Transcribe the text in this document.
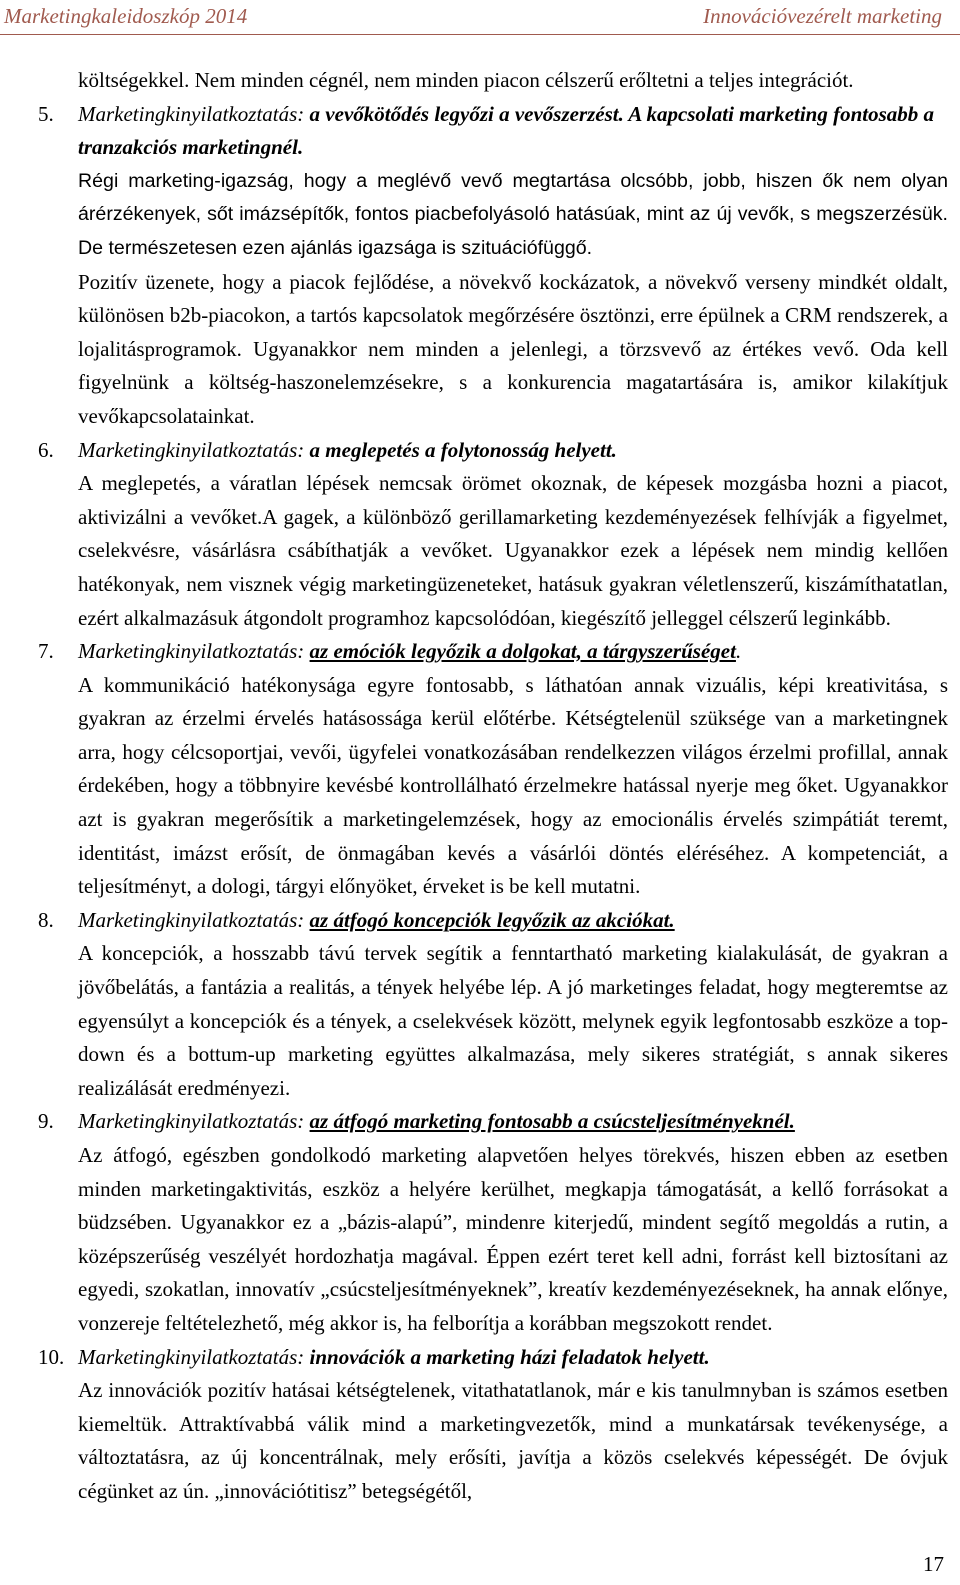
Marketingkaleidoszkóp 2014	Innovációvezérelt marketing
költségekkel. Nem minden cégnél, nem minden piacon célszerű erőltetni a teljes integrációt.
5.	Marketingkinyilatkoztatás: a vevőkötődés legyőzi a vevőszerzést. A kapcsolati marketing fontosabb a tranzakciós marketingnél.
Régi marketing-igazság, hogy a meglévő vevő megtartása olcsóbb, jobb, hiszen ők nem olyan árérzékenyek, sőt imázsépítők, fontos piacbefolyásoló hatásúak, mint az új vevők, s megszerzésük. De természetesen ezen ajánlás igazsága is szituációfüggő.
Pozitív üzenete, hogy a piacok fejlődése, a növekvő kockázatok, a növekvő verseny mindkét oldalt, különösen b2b-piacokon, a tartós kapcsolatok megőrzésére ösztönzi, erre épülnek a CRM rendszerek, a lojalitásprogramok. Ugyanakkor nem minden a jelenlegi, a törzsvevő az értékes vevő. Oda kell figyelnünk a költség-haszonelemzésekre, s a konkurencia magatartására is, amikor kilakítjuk vevőkapcsolatainkat.
6.	Marketingkinyilatkoztatás: a meglepetés a folytonosság helyett.
A meglepetés, a váratlan lépések nemcsak örömet okoznak, de képesek mozgásba hozni a piacot, aktivizálni a vevőket.A gagek, a különböző gerillamarketing kezdeményezések felhívják a figyelmet, cselekvésre, vásárlásra csábíthatják a vevőket. Ugyanakkor ezek a lépések nem mindig kellően hatékonyak, nem visznek végig marketingüzeneteket, hatásuk gyakran véletlenszerű, kiszámíthatatlan, ezért alkalmazásuk átgondolt programhoz kapcsolódóan, kiegészítő jelleggel célszerű leginkább.
7.	Marketingkinyilatkoztatás: az emóciók legyőzik a dolgokat, a tárgyszerűséget.
A kommunikáció hatékonysága egyre fontosabb, s láthatóan annak vizuális, képi kreativitása, s gyakran az érzelmi érvelés hatásossága kerül előtérbe. Kétségtelenül szüksége van a marketingnek arra, hogy célcsoportjai, vevői, ügyfelei vonatkozásában rendelkezzen világos érzelmi profillal, annak érdekében, hogy a többnyire kevésbé kontrollálható érzelmekre hatással nyerje meg őket. Ugyanakkor azt is gyakran megerősítik a marketingelemzések, hogy az emocionális érvelés szimpátiát teremt, identitást, imázst erősít, de önmagában kevés a vásárlói döntés eléréséhez. A kompetenciát, a teljesítményt, a dologi, tárgyi előnyöket, érveket is be kell mutatni.
8.	Marketingkinyilatkoztatás: az átfogó koncepciók legyőzik az akciókat.
A koncepciók, a hosszabb távú tervek segítik a fenntartható marketing kialakulását, de gyakran a jövőbelátás, a fantázia a realitás, a tények helyébe lép. A jó marketinges feladat, hogy megteremtse az egyensúlyt a koncepciók és a tények, a cselekvések között, melynek egyik legfontosabb eszköze a top-down és a bottum-up marketing együttes alkalmazása, mely sikeres stratégiát, s annak sikeres realizálását eredményezi.
9.	Marketingkinyilatkoztatás: az átfogó marketing fontosabb a csúcsteljesítményeknél.
Az átfogó, egészben gondolkodó marketing alapvetően helyes törekvés, hiszen ebben az esetben minden marketingaktivitás, eszköz a helyére kerülhet, megkapja támogatását, a kellő forrásokat a büdzsében. Ugyanakkor ez a „bázis-alapú”, mindenre kiterjedű, mindent segítő megoldás a rutin, a középszerűség veszélyét hordozhatja magával. Éppen ezért teret kell adni, forrást kell biztosítani az egyedi, szokatlan, innovatív „csúcsteljesítményeknek”, kreatív kezdeményezéseknek, ha annak előnye, vonzereje feltételezhető, még akkor is, ha felborítja a korábban megszokott rendet.
10. Marketingkinyilatkoztatás: innovációk a marketing házi feladatok helyett.
Az innovációk pozitív hatásai kétségtelenek, vitathatatlanok, már e kis tanulmnyban is számos esetben kiemeltük. Attraktívabbá válik mind a marketingvezetők, mind a munkatársak tevékenysége, a változtatásra, az új koncentrálnak, mely erősíti, javítja a közös cselekvés képességét. De óvjuk cégünket az ún. „innovációtitisz” betegségétől,
17
